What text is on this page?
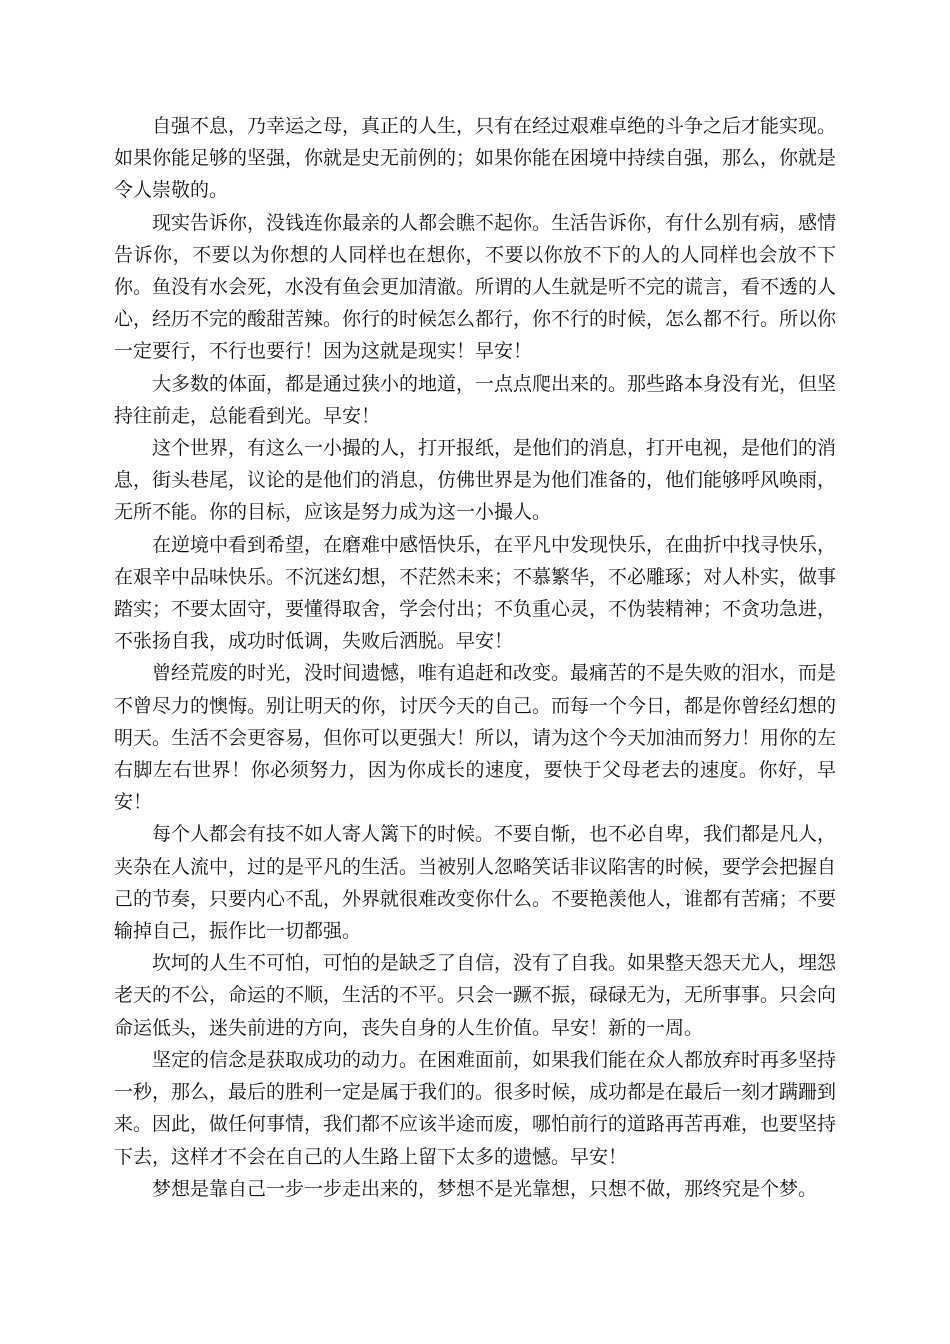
自强不息，乃幸运之母，真正的人生，只有在经过艰难卓绝的斗争之后才能实现。如果你能足够的坚强，你就是史无前例的；如果你能在困境中持续自强，那么，你就是令人崇敬的。

现实告诉你，没钱连你最亲的人都会瞧不起你。生活告诉你，有什么别有病，感情告诉你，不要以为你想的人同样也在想你，不要以你放不下的人的人同样也会放不下你。鱼没有水会死，水没有鱼会更加清澈。所谓的人生就是听不完的谎言，看不透的人心，经历不完的酸甜苦辣。你行的时候怎么都行，你不行的时候，怎么都不行。所以你一定要行，不行也要行！因为这就是现实！早安！

大多数的体面，都是通过狭小的地道，一点点爬出来的。那些路本身没有光，但坚持往前走，总能看到光。早安！

这个世界，有这么一小撮的人，打开报纸，是他们的消息，打开电视，是他们的消息，街头巷尾，议论的是他们的消息，仿佛世界是为他们准备的，他们能够呼风唤雨，无所不能。你的目标，应该是努力成为这一小撮人。

在逆境中看到希望，在磨难中感悟快乐，在平凡中发现快乐，在曲折中找寻快乐，在艰辛中品味快乐。不沉迷幻想，不茫然未来；不慕繁华，不必雕琢；对人朴实，做事踏实；不要太固守，要懂得取舍，学会付出；不负重心灵，不伪装精神；不贪功急进，不张扬自我，成功时低调，失败后洒脱。早安！

曾经荒废的时光，没时间遗憾，唯有追赶和改变。最痛苦的不是失败的泪水，而是不曾尽力的懊悔。别让明天的你，讨厌今天的自己。而每一个今日，都是你曾经幻想的明天。生活不会更容易，但你可以更强大！所以，请为这个今天加油而努力！用你的左右脚左右世界！你必须努力，因为你成长的速度，要快于父母老去的速度。你好，早安！

每个人都会有技不如人寄人篱下的时候。不要自惭，也不必自卑，我们都是凡人，夹杂在人流中，过的是平凡的生活。当被别人忽略笑话非议陷害的时候，要学会把握自己的节奏，只要内心不乱，外界就很难改变你什么。不要艳羡他人，谁都有苦痛；不要输掉自己，振作比一切都强。

坎坷的人生不可怕，可怕的是缺乏了自信，没有了自我。如果整天怨天尤人，埋怨老天的不公，命运的不顺，生活的不平。只会一蹶不振，碌碌无为，无所事事。只会向命运低头，迷失前进的方向，丧失自身的人生价值。早安！新的一周。

坚定的信念是获取成功的动力。在困难面前，如果我们能在众人都放弃时再多坚持一秒，那么，最后的胜利一定是属于我们的。很多时候，成功都是在最后一刻才蹒跚到来。因此，做任何事情，我们都不应该半途而废，哪怕前行的道路再苦再难，也要坚持下去，这样才不会在自己的人生路上留下太多的遗憾。早安！

梦想是靠自己一步一步走出来的，梦想不是光靠想，只想不做，那终究是个梦。
